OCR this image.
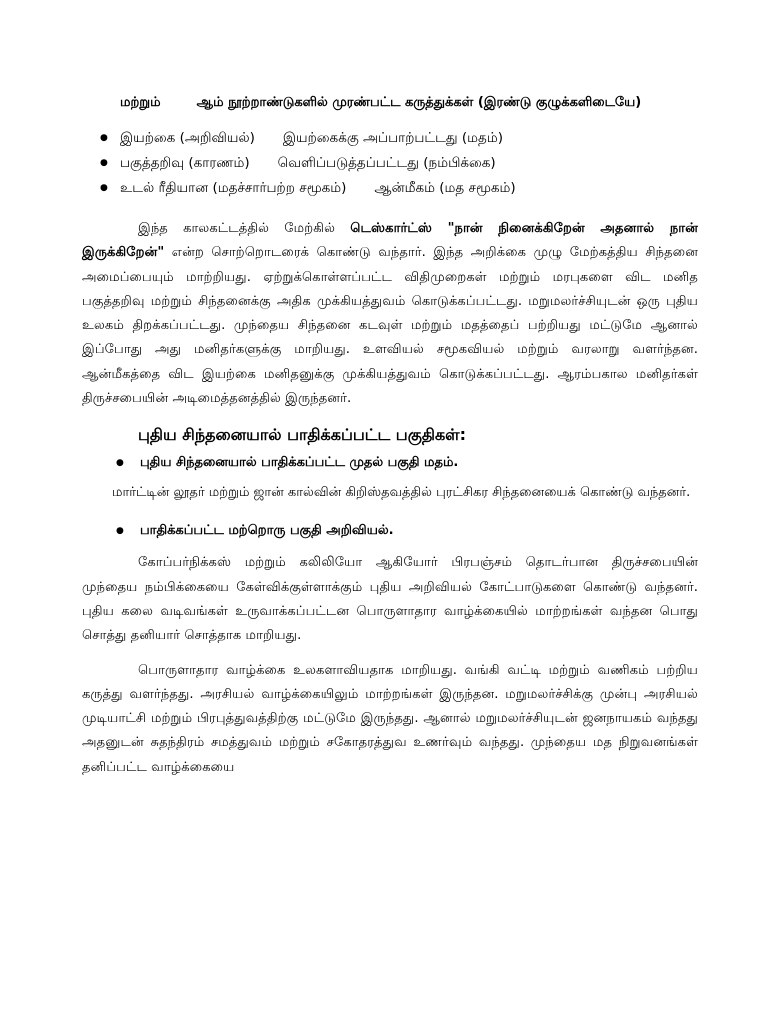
மற்றும்	ஆம் நூற்றாண்டுகளில் முரண்பட்ட கருத்துக்கள் (இரண்டு குழுக்களிடையே)

● இயற்கை (அறிவியல்) இயற்கைக்கு அப்பாற்பட்டது (மதம்)
● பகுத்தறிவு (காரணம்) வெளிப்படுத்தப்பட்டது (நம்பிக்கை)
● உடல் ரீதியான (மதச்சார்பற்ற சமூகம்) ஆன்மீகம் (மத சமூகம்)

இந்த காலகட்டத்தில் மேற்கில் டெஸ்கார்ட்ஸ் "நான் நினைக்கிறேன் அதனால் நான் இருக்கிறேன்" என்ற சொற்றொடரைக் கொண்டு வந்தார். இந்த அறிக்கை முழு மேற்கத்திய சிந்தனை அமைப்பையும் மாற்றியது. ஏற்றுக்கொள்ளப்பட்ட விதிமுறைகள் மற்றும் மரபுகளை விட மனித பகுத்தறிவு மற்றும் சிந்தனைக்கு அதிக முக்கியத்துவம் கொடுக்கப்பட்டது. மறுமலர்ச்சியுடன் ஒரு புதிய உலகம் திறக்கப்பட்டது. முந்தைய சிந்தனை கடவுள் மற்றும் மதத்தைப் பற்றியது மட்டுமே ஆனால் இப்போது அது மனிதர்களுக்கு மாறியது. உளவியல் சமூகவியல் மற்றும் வரலாறு வளர்ந்தன. ஆன்மீகத்தை விட இயற்கை மனிதனுக்கு முக்கியத்துவம் கொடுக்கப்பட்டது. ஆரம்பகால மனிதர்கள் திருச்சபையின் அடிமைத்தனத்தில் இருந்தனர்.

புதிய சிந்தனையால் பாதிக்கப்பட்ட பகுதிகள்:

● புதிய சிந்தனையால் பாதிக்கப்பட்ட முதல் பகுதி மதம்.

மார்ட்டின் லூதர் மற்றும் ஜான் கால்வின் கிறிஸ்தவத்தில் புரட்சிகர சிந்தனையைக் கொண்டு வந்தனர்.

● பாதிக்கப்பட்ட மற்றொரு பகுதி அறிவியல்.

கோப்பர்நிக்கஸ் மற்றும் கலிலியோ ஆகியோர் பிரபஞ்சம் தொடர்பான திருச்சபையின் முந்தைய நம்பிக்கையை கேள்விக்குள்ளாக்கும் புதிய அறிவியல் கோட்பாடுகளை கொண்டு வந்தனர். புதிய கலை வடிவங்கள் உருவாக்கப்பட்டன பொருளாதார வாழ்க்கையில் மாற்றங்கள் வந்தன பொது சொத்து தனியார் சொத்தாக மாறியது.

பொருளாதார வாழ்க்கை உலகளாவியதாக மாறியது. வங்கி வட்டி மற்றும் வணிகம் பற்றிய கருத்து வளர்ந்தது. அரசியல் வாழ்க்கையிலும் மாற்றங்கள் இருந்தன. மறுமலர்ச்சிக்கு முன்பு அரசியல் முடியாட்சி மற்றும் பிரபுத்துவத்திற்கு மட்டுமே இருந்தது. ஆனால் மறுமலர்ச்சியுடன் ஜனநாயகம் வந்தது அதனுடன் சுதந்திரம் சமத்துவம் மற்றும் சகோதரத்துவ உணர்வும் வந்தது. முந்தைய மத நிறுவனங்கள் தனிப்பட்ட வாழ்க்கையை
